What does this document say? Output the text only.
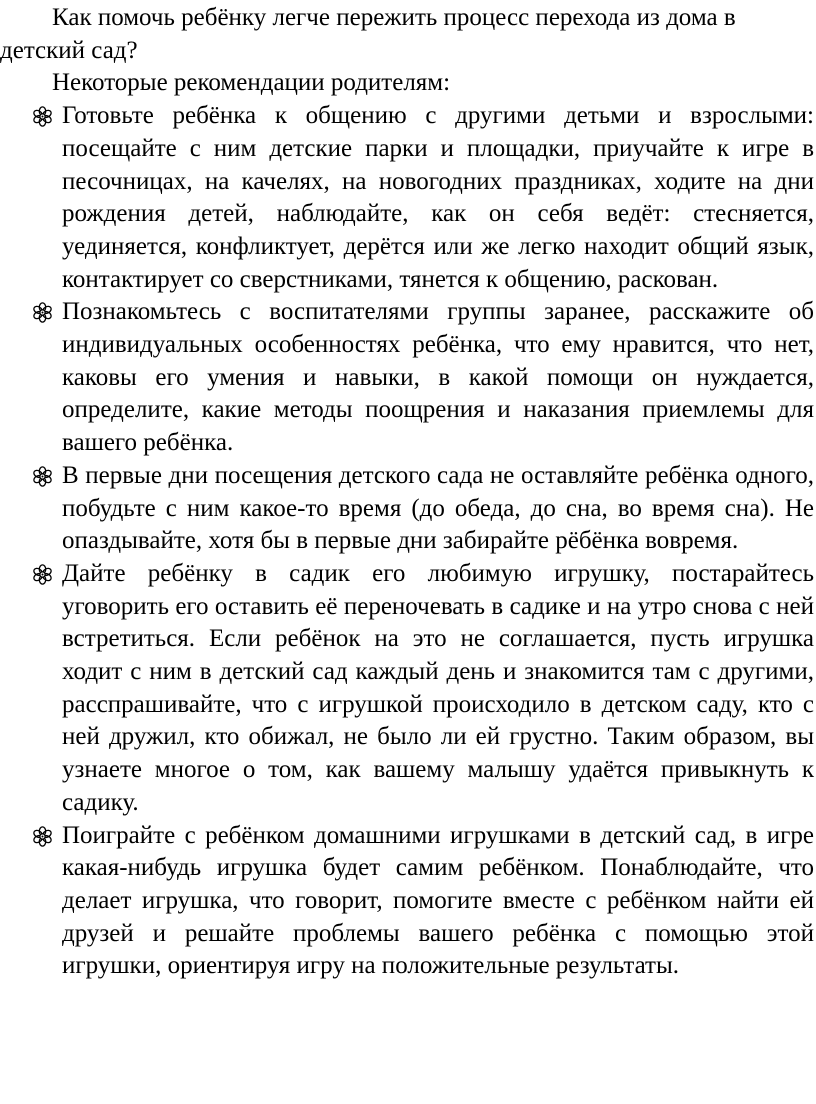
Как помочь ребёнку легче пережить процесс перехода из дома в детский сад?

Некоторые рекомендации родителям:

Готовьте ребёнка к общению с другими детьми и взрослыми: посещайте с ним детские парки и площадки, приучайте к игре в песочницах, на качелях, на новогодних праздниках, ходите на дни рождения детей, наблюдайте, как он себя ведёт: стесняется, уединяется, конфликтует, дерётся или же легко находит общий язык, контактирует со сверстниками, тянется к общению, раскован.
Познакомьтесь с воспитателями группы заранее, расскажите об индивидуальных особенностях ребёнка, что ему нравится, что нет, каковы его умения и навыки, в какой помощи он нуждается, определите, какие методы поощрения и наказания приемлемы для вашего ребёнка.
В первые дни посещения детского сада не оставляйте ребёнка одного, побудьте с ним какое-то время (до обеда, до сна, во время сна). Не опаздывайте, хотя бы в первые дни забирайте рёбёнка вовремя.
Дайте ребёнку в садик его любимую игрушку, постарайтесь уговорить его оставить её переночевать в садике и на утро снова с ней встретиться. Если ребёнок на это не соглашается, пусть игрушка ходит с ним в детский сад каждый день и знакомится там с другими, расспрашивайте, что с игрушкой происходило в детском саду, кто с ней дружил, кто обижал, не было ли ей грустно. Таким образом, вы узнаете многое о том, как вашему малышу удаётся привыкнуть к садику.
Поиграйте с ребёнком домашними игрушками в детский сад, в игре какая-нибудь игрушка будет самим ребёнком. Понаблюдайте, что делает игрушка, что говорит, помогите вместе с ребёнком найти ей друзей и решайте проблемы вашего ребёнка с помощью этой игрушки, ориентируя игру на положительные результаты.
